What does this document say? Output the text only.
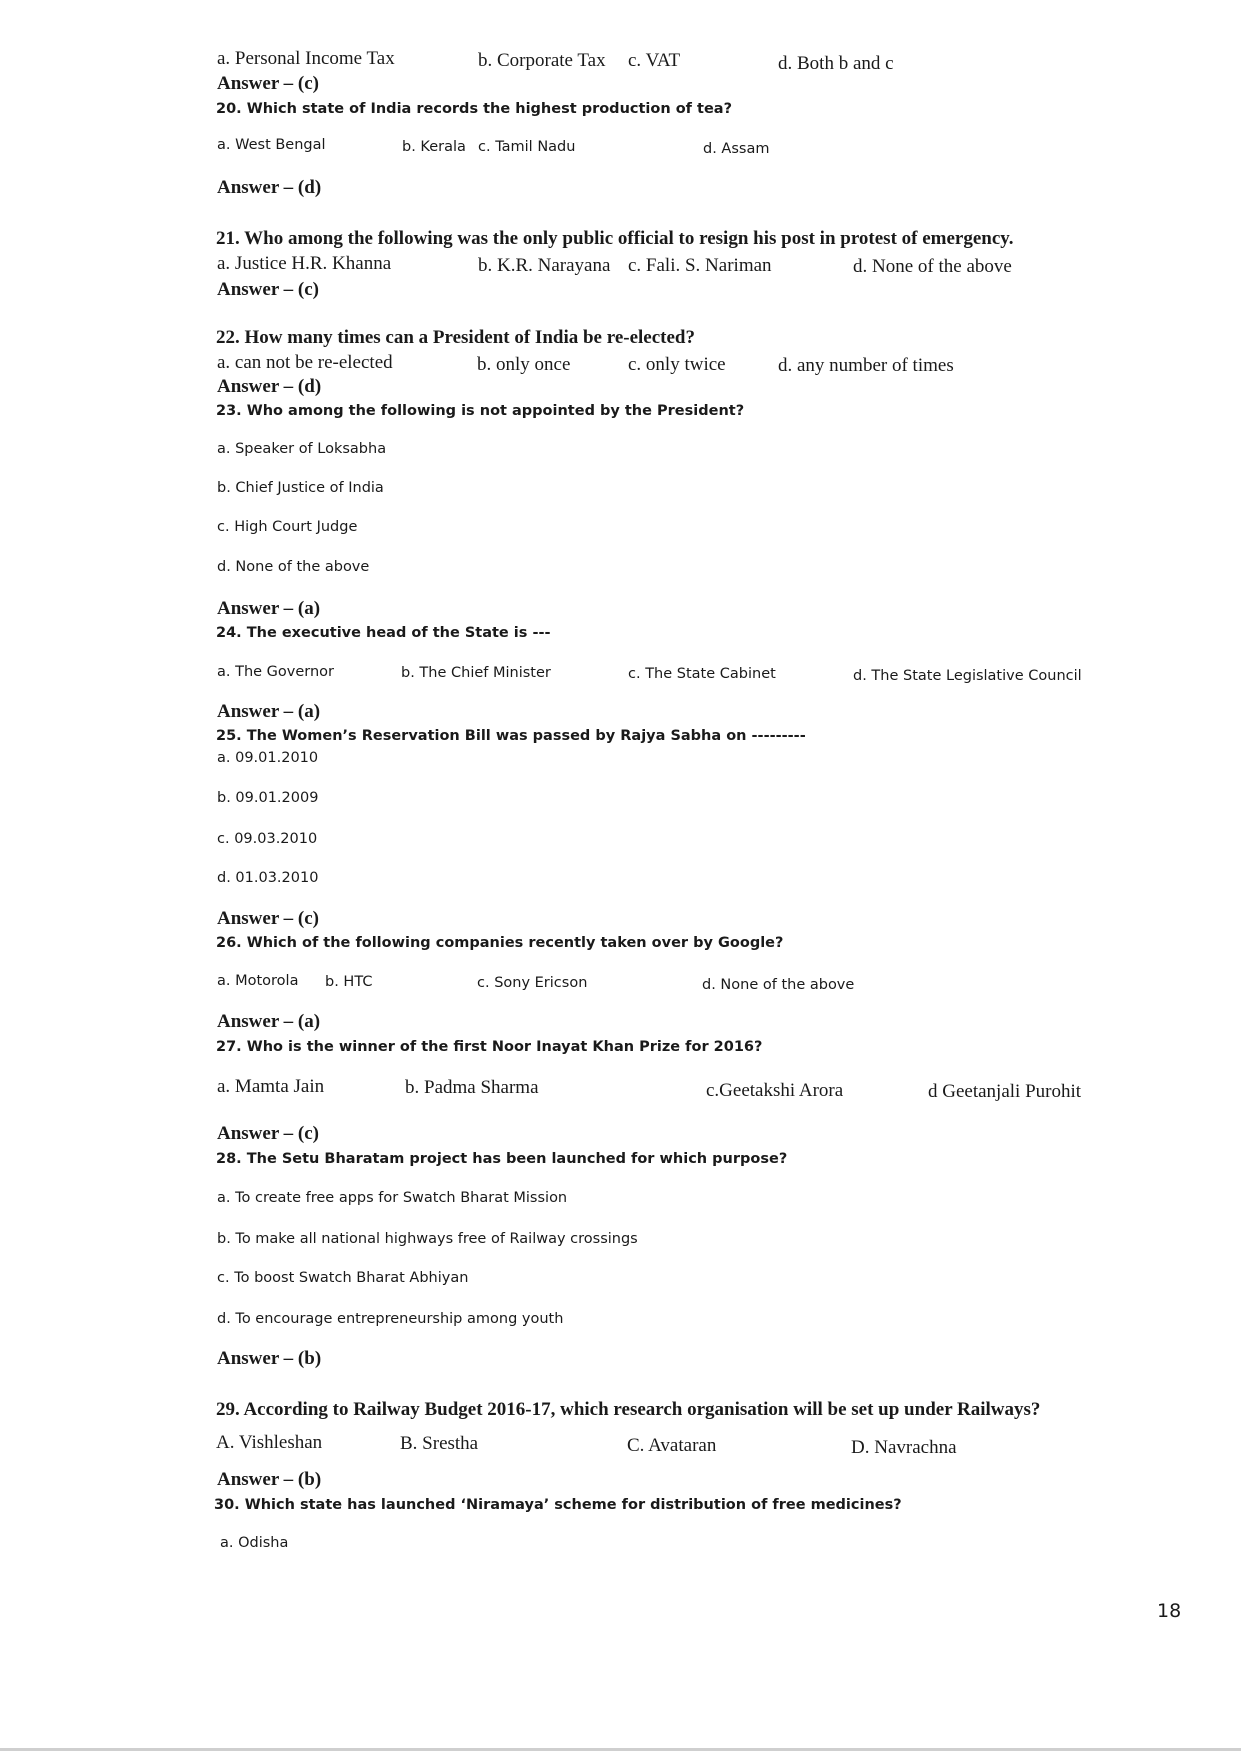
a. Personal Income Tax	b. Corporate Tax c. VAT	d. Both b and c
Answer – (c)
20. Which state of India records the highest production of tea?
a. West Bengal	b. Kerala c. Tamil Nadu	d. Assam
Answer – (d)
21. Who among the following was the only public official to resign his post in protest of emergency.
a. Justice H.R. Khanna	b. K.R. Narayana c. Fali. S. Nariman	d. None of the above
Answer – (c)
22. How many times can a President of India be re-elected?
a. can not be re-elected	b. only once	c. only twice	d. any number of times
Answer – (d)
23. Who among the following is not appointed by the President?
a. Speaker of Loksabha
b. Chief Justice of India
c. High Court Judge
d. None of the above
Answer – (a)
24. The executive head of the State is ---
a. The Governor	b. The Chief Minister	c. The State Cabinet	d. The State Legislative Council
Answer – (a)
25. The Women’s Reservation Bill was passed by Rajya Sabha on ---------
a. 09.01.2010
b. 09.01.2009
c. 09.03.2010
d. 01.03.2010
Answer – (c)
26. Which of the following companies recently taken over by Google?
a. Motorola b. HTC	c. Sony Ericson	d. None of the above
Answer – (a)
27. Who is the winner of the first Noor Inayat Khan Prize for 2016?
a. Mamta Jain	b. Padma Sharma	c.Geetakshi Arora	d Geetanjali Purohit
Answer – (c)
28. The Setu Bharatam project has been launched for which purpose?
a. To create free apps for Swatch Bharat Mission
b. To make all national highways free of Railway crossings
c. To boost Swatch Bharat Abhiyan
d. To encourage entrepreneurship among youth
Answer – (b)
29. According to Railway Budget 2016-17, which research organisation will be set up under Railways?
A. Vishleshan	B. Srestha	C. Avataran	D. Navrachna
Answer – (b)
30. Which state has launched ‘Niramaya’ scheme for distribution of free medicines?
a. Odisha
18
